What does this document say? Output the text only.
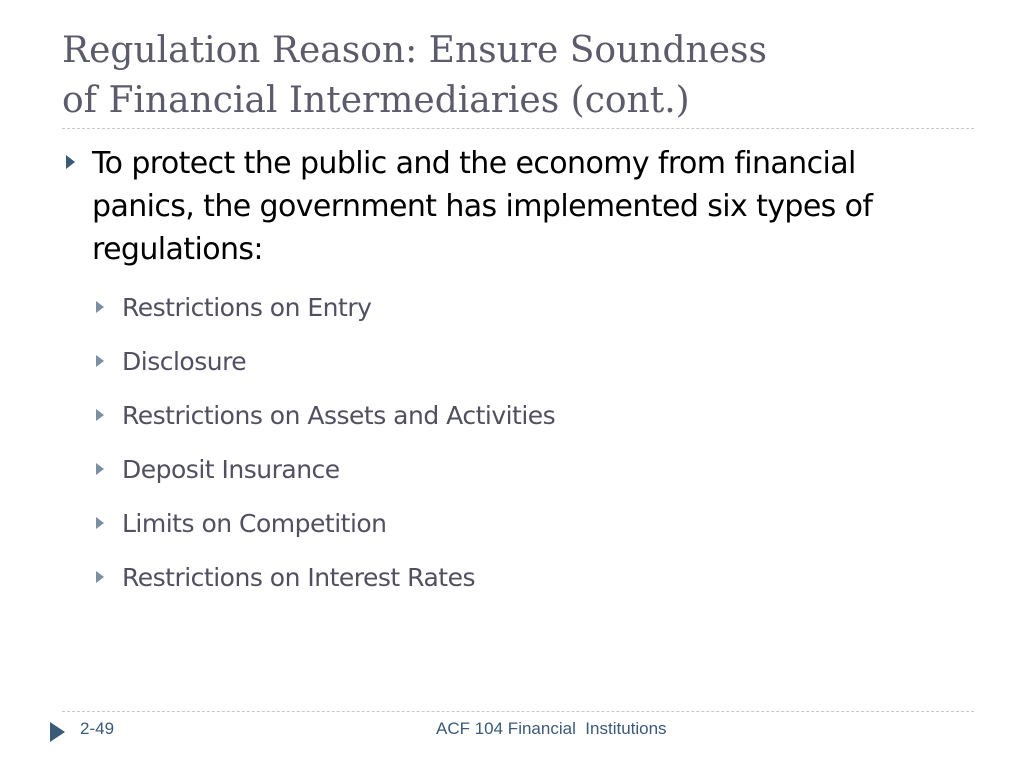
Regulation Reason: Ensure Soundness
of Financial Intermediaries (cont.)
To protect the public and the economy from financial panics, the government has implemented six types of regulations:
Restrictions on Entry
Disclosure
Restrictions on Assets and Activities
Deposit Insurance
Limits on Competition
Restrictions on Interest Rates
2-49	ACF 104 Financial  Institutions
